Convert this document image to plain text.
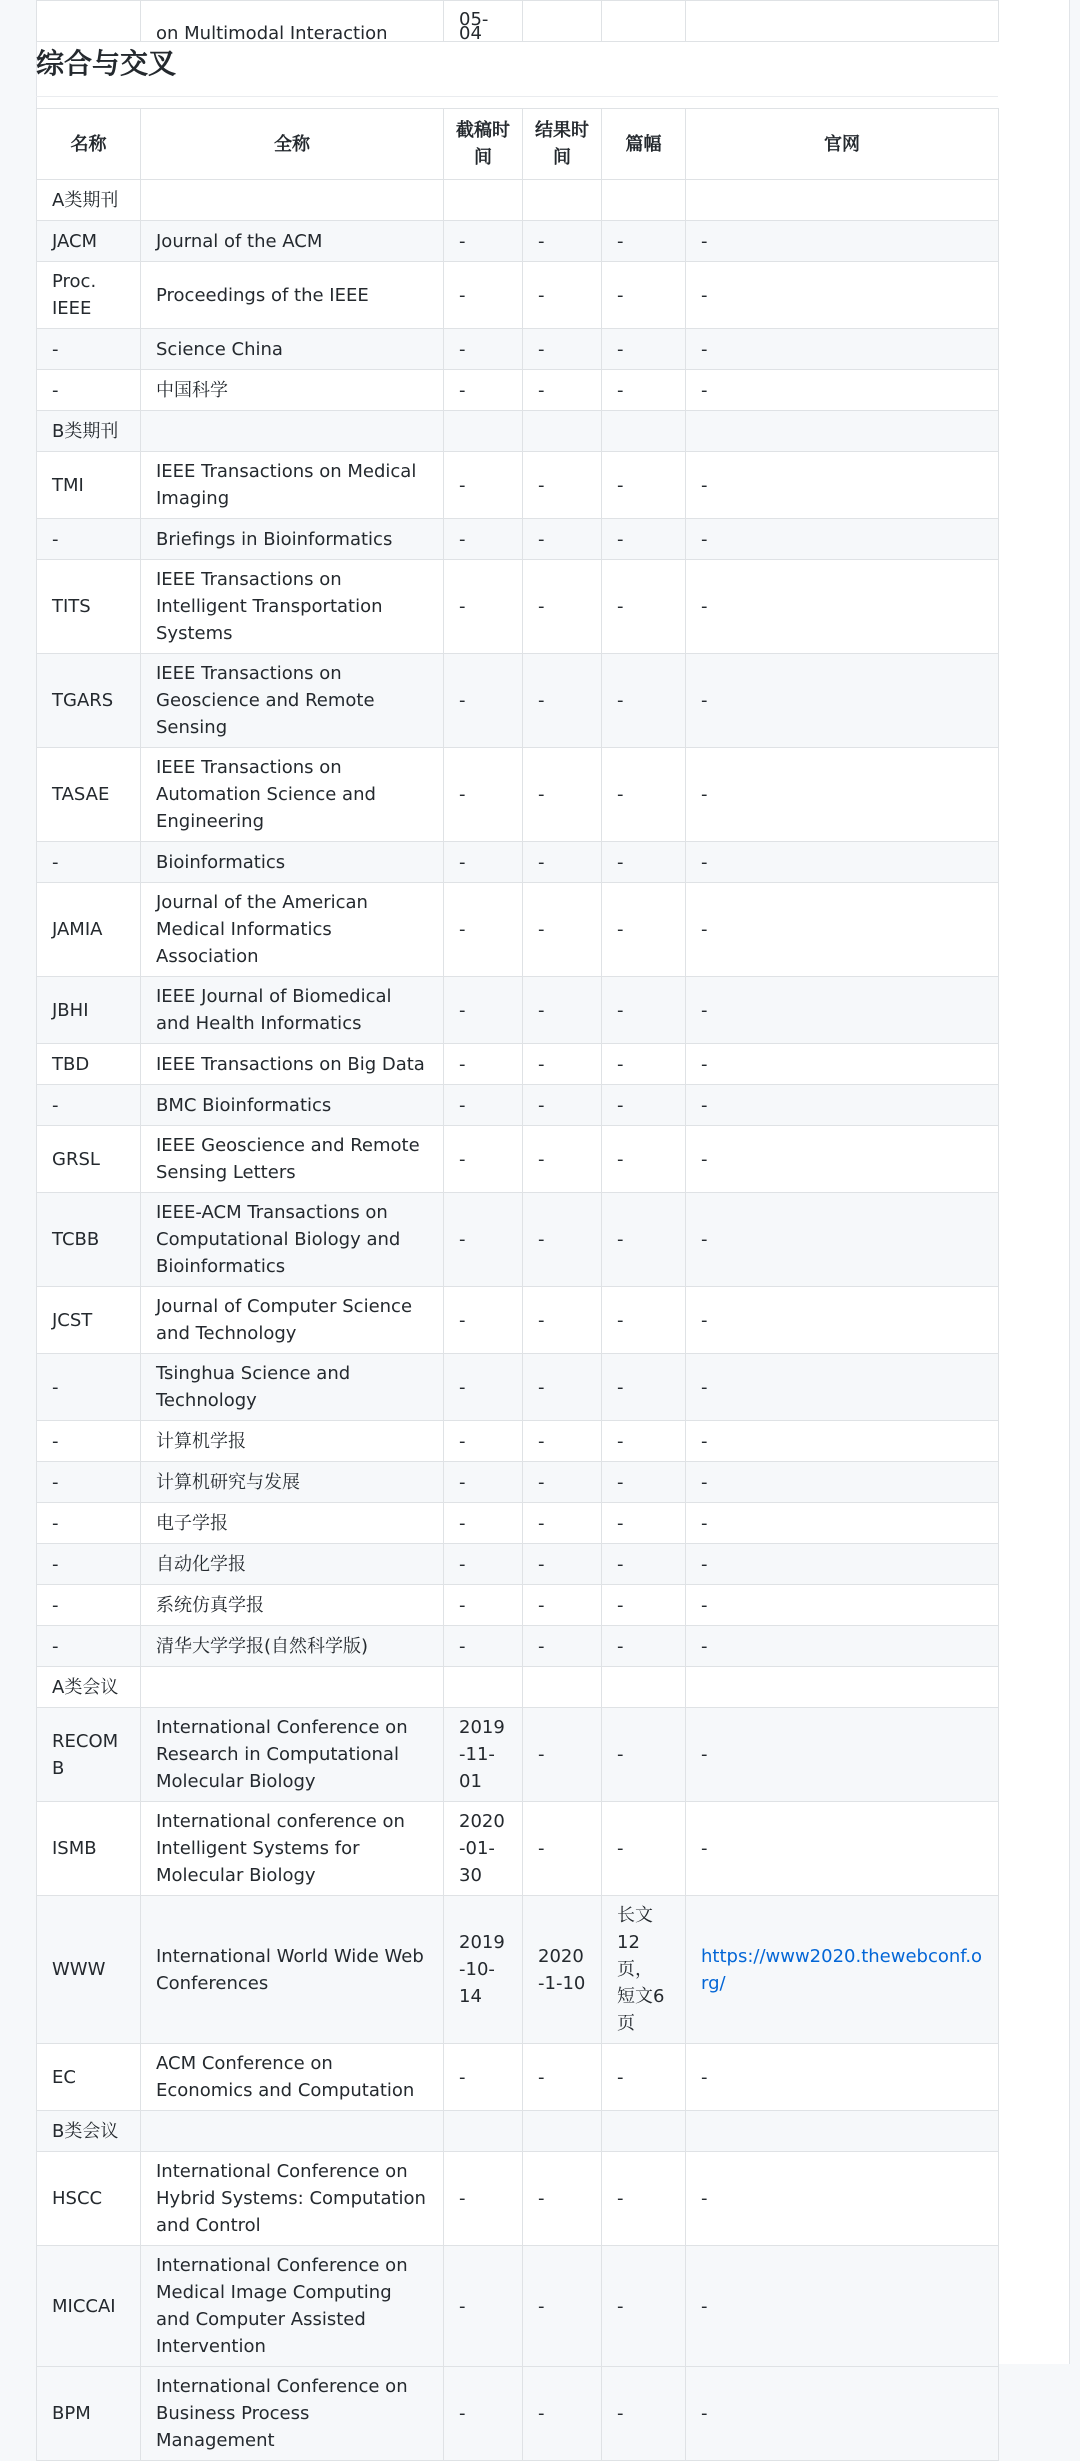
	on Multimodal Interaction	05-04			
综合与交叉
名称	全称	截稿时间	结果时间	篇幅	官网
A类期刊					
JACM	Journal of the ACM	-	-	-	-
Proc. IEEE	Proceedings of the IEEE	-	-	-	-
-	Science China	-	-	-	-
-	中国科学	-	-	-	-
B类期刊					
TMI	IEEE Transactions on Medical Imaging	-	-	-	-
-	Briefings in Bioinformatics	-	-	-	-
TITS	IEEE Transactions on Intelligent Transportation Systems	-	-	-	-
TGARS	IEEE Transactions on Geoscience and Remote Sensing	-	-	-	-
TASAE	IEEE Transactions on Automation Science and Engineering	-	-	-	-
-	Bioinformatics	-	-	-	-
JAMIA	Journal of the American Medical Informatics Association	-	-	-	-
JBHI	IEEE Journal of Biomedical and Health Informatics	-	-	-	-
TBD	IEEE Transactions on Big Data	-	-	-	-
-	BMC Bioinformatics	-	-	-	-
GRSL	IEEE Geoscience and Remote Sensing Letters	-	-	-	-
TCBB	IEEE-ACM Transactions on Computational Biology and Bioinformatics	-	-	-	-
JCST	Journal of Computer Science and Technology	-	-	-	-
-	Tsinghua Science and Technology	-	-	-	-
-	计算机学报	-	-	-	-
-	计算机研究与发展	-	-	-	-
-	电子学报	-	-	-	-
-	自动化学报	-	-	-	-
-	系统仿真学报	-	-	-	-
-	清华大学学报(自然科学版)	-	-	-	-
A类会议					
RECOMB	International Conference on Research in Computational Molecular Biology	2019-11-01	-	-	-
ISMB	International conference on Intelligent Systems for Molecular Biology	2020-01-30	-	-	-
WWW	International World Wide Web Conferences	2019-10-14	2020-1-10	长文12页，短文6页	https://www2020.thewebconf.org/
EC	ACM Conference on Economics and Computation	-	-	-	-
B类会议					
HSCC	International Conference on Hybrid Systems: Computation and Control	-	-	-	-
MICCAI	International Conference on Medical Image Computing and Computer Assisted Intervention	-	-	-	-
BPM	International Conference on Business Process Management	-	-	-	-
